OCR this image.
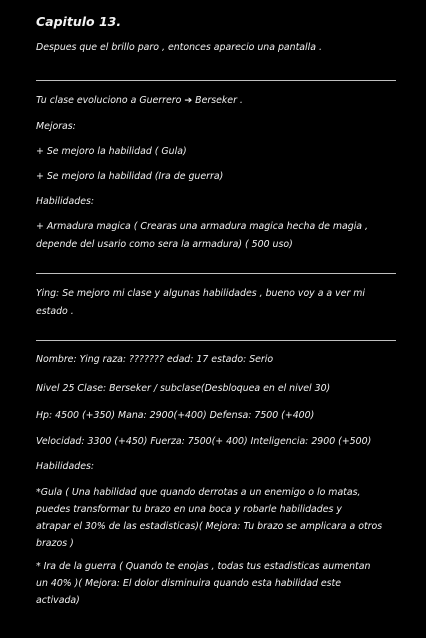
Capitulo 13.
Despues que el brillo paro , entonces aparecio una pantalla .
Tu clase evoluciono a Guerrero ➔ Berseker .
Mejoras:
+ Se mejoro la habilidad ( Gula)
+ Se mejoro la habilidad (Ira de guerra)
Habilidades:
+ Armadura magica ( Crearas una armadura magica hecha de magia ,
depende del usario como sera la armadura) ( 500 uso)
Ying: Se mejoro mi clase y algunas habilidades , bueno voy a a ver mi
estado .
Nombre: Ying raza: ??????? edad: 17 estado: Serio
Nivel 25 Clase: Berseker / subclase(Desbloquea en el nivel 30)
Hp: 4500 (+350) Mana: 2900(+400) Defensa: 7500 (+400)
Velocidad: 3300 (+450) Fuerza: 7500(+ 400) Inteligencia: 2900 (+500)
Habilidades:
*Gula ( Una habilidad que quando derrotas a un enemigo o lo matas,
puedes transformar tu brazo en una boca y robarle habilidades y
atrapar el 30% de las estadisticas)( Mejora: Tu brazo se amplicara a otros
brazos )
* Ira de la guerra ( Quando te enojas , todas tus estadisticas aumentan
un 40% )( Mejora: El dolor disminuira quando esta habilidad este
activada)
